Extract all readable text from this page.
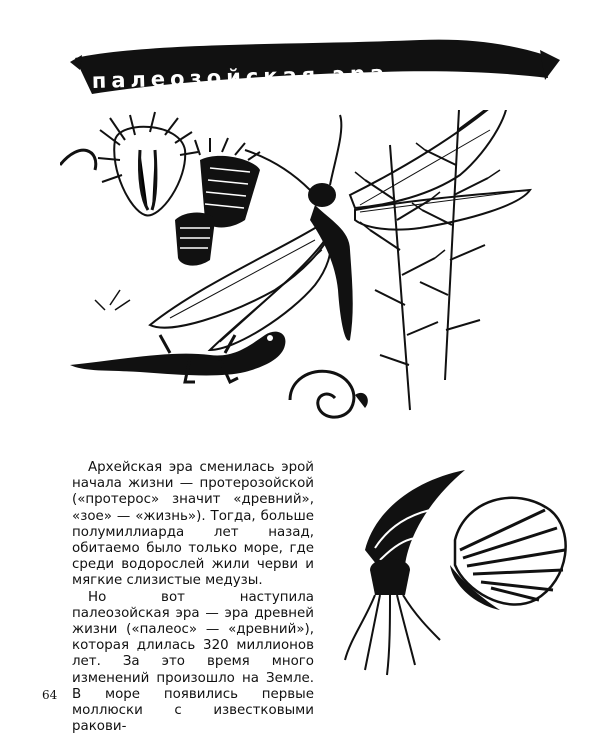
палеозойская эра

Архейская эра сменилась эрой начала жизни — протерозойской («протерос» значит «древний», «зое» — «жизнь»). Тогда, больше полумиллиарда лет назад, обитаемо было только море, где среди водорослей жили черви и мягкие слизистые медузы.

Но вот наступила палеозойская эра — эра древней жизни («палеос» — «древний»), которая длилась 320 миллионов лет. За это время много изменений произошло на Земле. В море появились первые моллюски с известковыми ракови-

64
